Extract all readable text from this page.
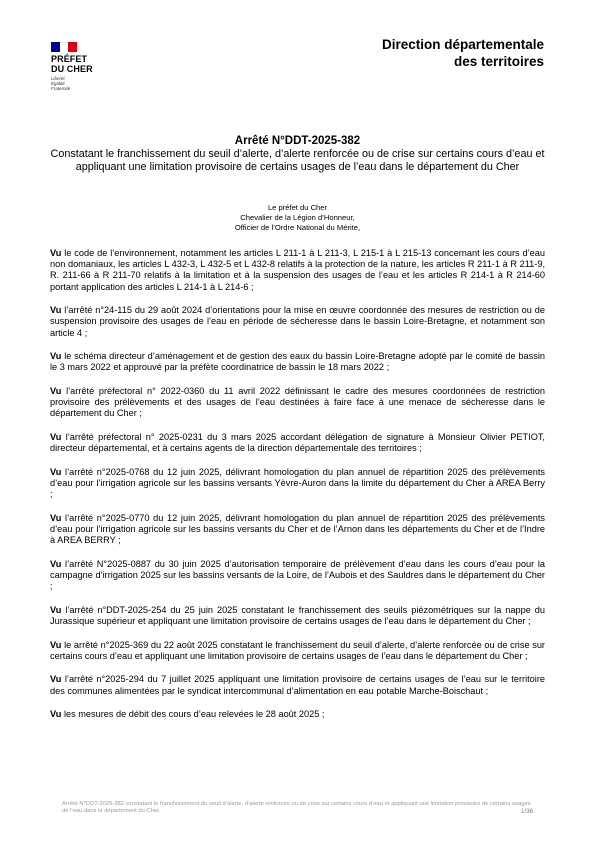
PRÉFET
DU CHER
Liberté
Égalité
Fraternité
Direction départementale
des territoires
Arrêté N°DDT-2025-382
Constatant le franchissement du seuil d’alerte, d’alerte renforcée ou de crise sur certains cours d’eau et appliquant une limitation provisoire de certains usages de l’eau dans le département du Cher
Le préfet du Cher
Chevalier de la Légion d’Honneur,
Officier de l’Ordre National du Mérite,

Vu le code de l’environnement, notamment les articles L 211-1 à L 211-3, L 215-1 à L 215-13 concernant les cours d’eau non domaniaux, les articles L 432-3, L 432-5 et L 432-8 relatifs à la protection de la nature, les articles R 211-1 à R 211-9, R. 211-66 à R 211-70 relatifs à la limitation et à la suspension des usages de l’eau et les articles R 214-1 à R 214-60 portant application des articles L 214-1 à L 214-6 ;

Vu l’arrêté n°24-115 du 29 août 2024 d’orientations pour la mise en œuvre coordonnée des mesures de restriction ou de suspension provisoire des usages de l’eau en période de sécheresse dans le bassin Loire-Bretagne, et notamment son article 4 ;

Vu le schéma directeur d’aménagement et de gestion des eaux du bassin Loire-Bretagne adopté par le comité de bassin le 3 mars 2022 et approuvé par la préfète coordinatrice de bassin le 18 mars 2022 ;

Vu l’arrêté préfectoral n° 2022-0360 du 11 avril 2022 définissant le cadre des mesures coordonnées de restriction provisoire des prélèvements et des usages de l’eau destinées à faire face à une menace de sécheresse dans le département du Cher ;

Vu l’arrêté préfectoral n° 2025-0231 du 3 mars 2025 accordant délégation de signature à Monsieur Olivier PETIOT, directeur départemental, et à certains agents de la direction départementale des territoires ;

Vu l’arrêté n°2025-0768 du 12 juin 2025, délivrant homologation du plan annuel de répartition 2025 des prélèvements d’eau pour l’irrigation agricole sur les bassins versants Yèvre-Auron dans la limite du département du Cher à AREA Berry ;

Vu l’arrêté n°2025-0770 du 12 juin 2025, délivrant homologation du plan annuel de répartition 2025 des prélèvements d’eau pour l’irrigation agricole sur les bassins versants du Cher et de l’Arnon dans les départements du Cher et de l’Indre à AREA BERRY ;

Vu l’arrêté N°2025-0887 du 30 juin 2025 d’autorisation temporaire de prélèvement d’eau dans les cours d’eau pour la campagne d’irrigation 2025 sur les bassins versants de la Loire, de l’Aubois et des Sauldres dans le département du Cher ;

Vu l’arrêté n°DDT-2025-254 du 25 juin 2025 constatant le franchissement des seuils piézométriques sur la nappe du Jurassique supérieur et appliquant une limitation provisoire de certains usages de l’eau dans le département du Cher ;

Vu le arrêté n°2025-369 du 22 août 2025 constatant le franchissement du seuil d’alerte, d’alerte renforcée ou de crise sur certains cours d’eau et appliquant une limitation provisoire de certains usages de l’eau dans le département du Cher ;

Vu l’arrêté n°2025-294 du 7 juillet 2025 appliquant une limitation provisoire de certains usages de l’eau sur le territoire des communes alimentées par le syndicat intercommunal d’alimentation en eau potable Marche-Boischaut ;

Vu les mesures de débit des cours d’eau relevées le 28 août 2025 ;

Arrêté N°DDT-2025-382 constatant le franchissement du seuil d’alerte, d’alerte renforcée ou de crise sur certains cours d’eau et appliquant une limitation provisoire de certains usages de l’eau dans le département du Cher.	1/36
